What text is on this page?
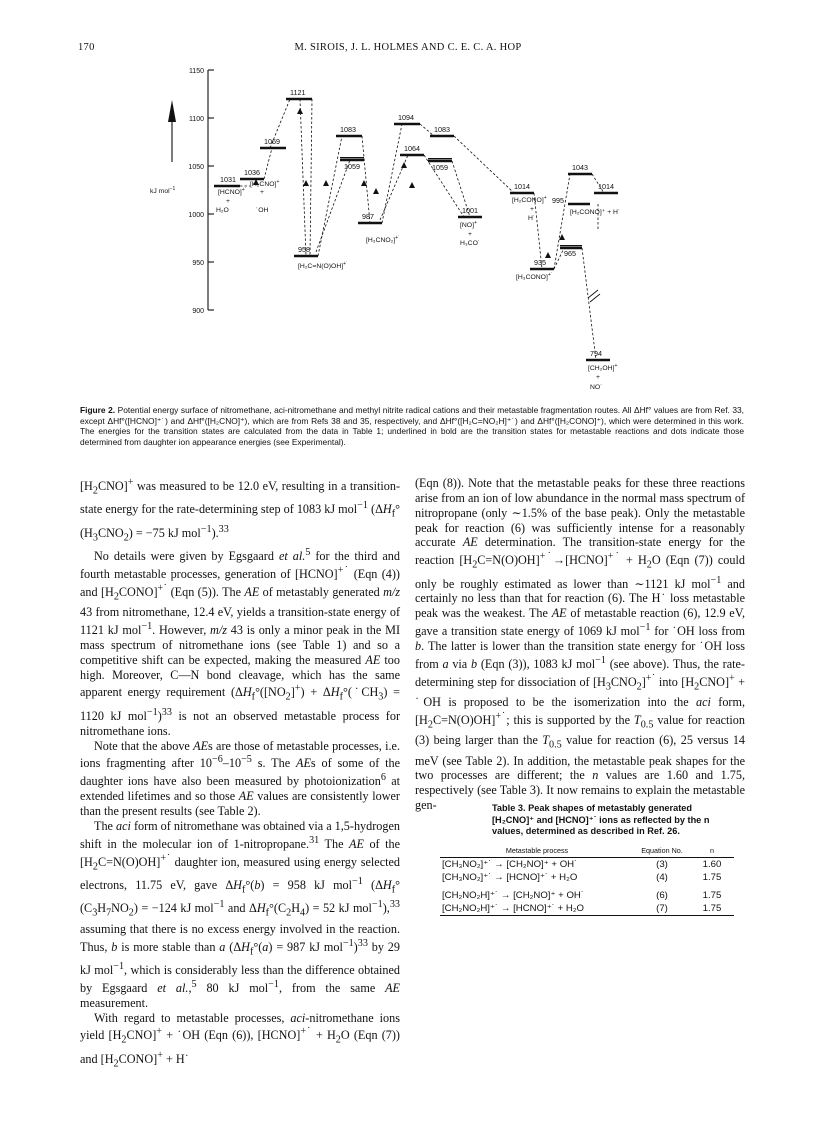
170	M. SIROIS, J. L. HOLMES AND C. E. C. A. HOP
1150
1100
1050
1000
950
900
kJ mol$^{-1}$
1031
1036
1121
1069
958
1083
1059
987
1094
1064
1083
1059
1001
1014
1043
995
1014
935
965
794
[HCNO]+˙
+
H₂O
[H₂CNO]+
+
˙OH
[H₂C=N(O)OH]+˙
[H₃CNO₂]+˙
[NO]+
+
H₃CO˙
[H₂CONO]+
+
H˙
[H₂CONO]⁺ + H˙
[H₃CONO]+˙
[CH₂OH]+
+
NO˙
Figure 2. Potential energy surface of nitromethane, aci-nitromethane and methyl nitrite radical cations and their metastable fragmentation routes. All ΔHf° values are from Ref. 33, except ΔHf°([HCNO]⁺˙) and ΔHf°([H₂CNO]⁺), which are from Refs 38 and 35, respectively, and ΔHf°([H₂C=NO₂H]⁺˙) and ΔHf°([H₂CONO]⁺), which were determined in this work. The energies for the transition states are calculated from the data in Table 1; underlined in bold are the transition states for metastable reactions and dots indicate those determined from daughter ion appearance energies (see Experimental).

$[H_2CNO]^+$ was measured to be 12.0 eV, resulting in a transition-state energy for the rate-determining step of 1083 kJ mol$^{-1}$ ($\Delta H_f^\circ(H_3CNO_2) = -75$ kJ mol$^{-1}$).$^{33}$

No details were given by Egsgaard et al.$^5$ for the third and fourth metastable processes, generation of [HCNO]+˙ (Eqn (4)) and $[H_2CONO]^{+˙}$ (Eqn (5)). The AE of metastably generated m/z 43 from nitromethane, 12.4 eV, yields a transition-state energy of 1121 kJ mol$^{-1}$. However, m/z 43 is only a minor peak in the MI mass spectrum of nitromethane ions (see Table 1) and so a competitive shift can be expected, making the measured AE too high. Moreover, C—N bond cleavage, which has the same apparent energy requirement ($\Delta H_f^\circ([NO_2]^+)$ + $\Delta H_f^\circ(˙CH_3) = 1120$ kJ mol$^{-1}$)$^{33}$ is not an observed metastable process for nitromethane ions.

Note that the above AEs are those of metastable processes, i.e. ions fragmenting after $10^{-6}-10^{-5}$ s. The AEs of some of the daughter ions have also been measured by photoionization$^6$ at extended lifetimes and so those AE values are consistently lower than the present results (see Table 2).

The aci form of nitromethane was obtained via a 1,5-hydrogen shift in the molecular ion of 1-nitropropane.$^{31}$ The AE of the $[H_2C=N(O)OH]^{+˙}$ daughter ion, measured using energy selected electrons, 11.75 eV, gave $\Delta H_f^\circ(b) = 958$ kJ mol$^{-1}$ ($\Delta H_f^\circ(C_3H_7NO_2) = -124$ kJ mol$^{-1}$ and $\Delta H_f^\circ(C_2H_4) = 52$ kJ mol$^{-1}$),$^{33}$ assuming that there is no excess energy involved in the reaction. Thus, b is more stable than a ($\Delta H_f^\circ(a) = 987$ kJ mol$^{-1}$)$^{33}$ by 29 kJ mol$^{-1}$, which is considerably less than the difference obtained by Egsgaard et al.,$^5$ 80 kJ mol$^{-1}$, from the same AE measurement.

With regard to metastable processes, aci-nitromethane ions yield $[H_2CNO]^+$ + ˙OH (Eqn (6)), [HCNO]+˙ + $H_2O$ (Eqn (7)) and $[H_2CONO]^+$ + H˙

(Eqn (8)). Note that the metastable peaks for these three reactions arise from an ion of low abundance in the normal mass spectrum of nitropropane (only ∼1.5% of the base peak). Only the metastable peak for reaction (6) was sufficiently intense for a reasonably accurate AE determination. The transition-state energy for the reaction $[H_2C=N(O)OH]^{+˙}\to[HCNO]^{+˙} + H_2O$ (Eqn (7)) could only be roughly estimated as lower than ∼1121 kJ mol$^{-1}$ and certainly no less than that for reaction (6). The H˙ loss metastable peak was the weakest. The AE of metastable reaction (6), 12.9 eV, gave a transition state energy of 1069 kJ mol$^{-1}$ for ˙OH loss from b. The latter is lower than the transition state energy for ˙OH loss from a via b (Eqn (3)), 1083 kJ mol$^{-1}$ (see above). Thus, the rate-determining step for dissociation of $[H_3CNO_2]^{+˙}$ into $[H_2CNO]^+$ + ˙OH is proposed to be the isomerization into the aci form, $[H_2C=N(O)OH]^{+˙}$; this is supported by the $T_{0.5}$ value for reaction (3) being larger than the $T_{0.5}$ value for reaction (6), 25 versus 14 meV (see Table 2). In addition, the metastable peak shapes for the two processes are different; the n values are 1.60 and 1.75, respectively (see Table 3). It now remains to explain the metastable gen-	Table 3. Peak shapes of metastably generated [H₂CNO]⁺ and [HCNO]⁺˙ ions as reflected by the n values, determined as described in Ref. 26.
Metastable process	Equation No.	n
[CH₃NO₂]⁺˙ → [CH₂NO]⁺ + OH˙	(3)	1.60
[CH₃NO₂]⁺˙ → [HCNO]⁺˙ + H₂O	(4)	1.75
[CH₂NO₂H]⁺˙ → [CH₂NO]⁺ + OH˙	(6)	1.75
[CH₂NO₂H]⁺˙ → [HCNO]⁺˙ + H₂O	(7)	1.75
